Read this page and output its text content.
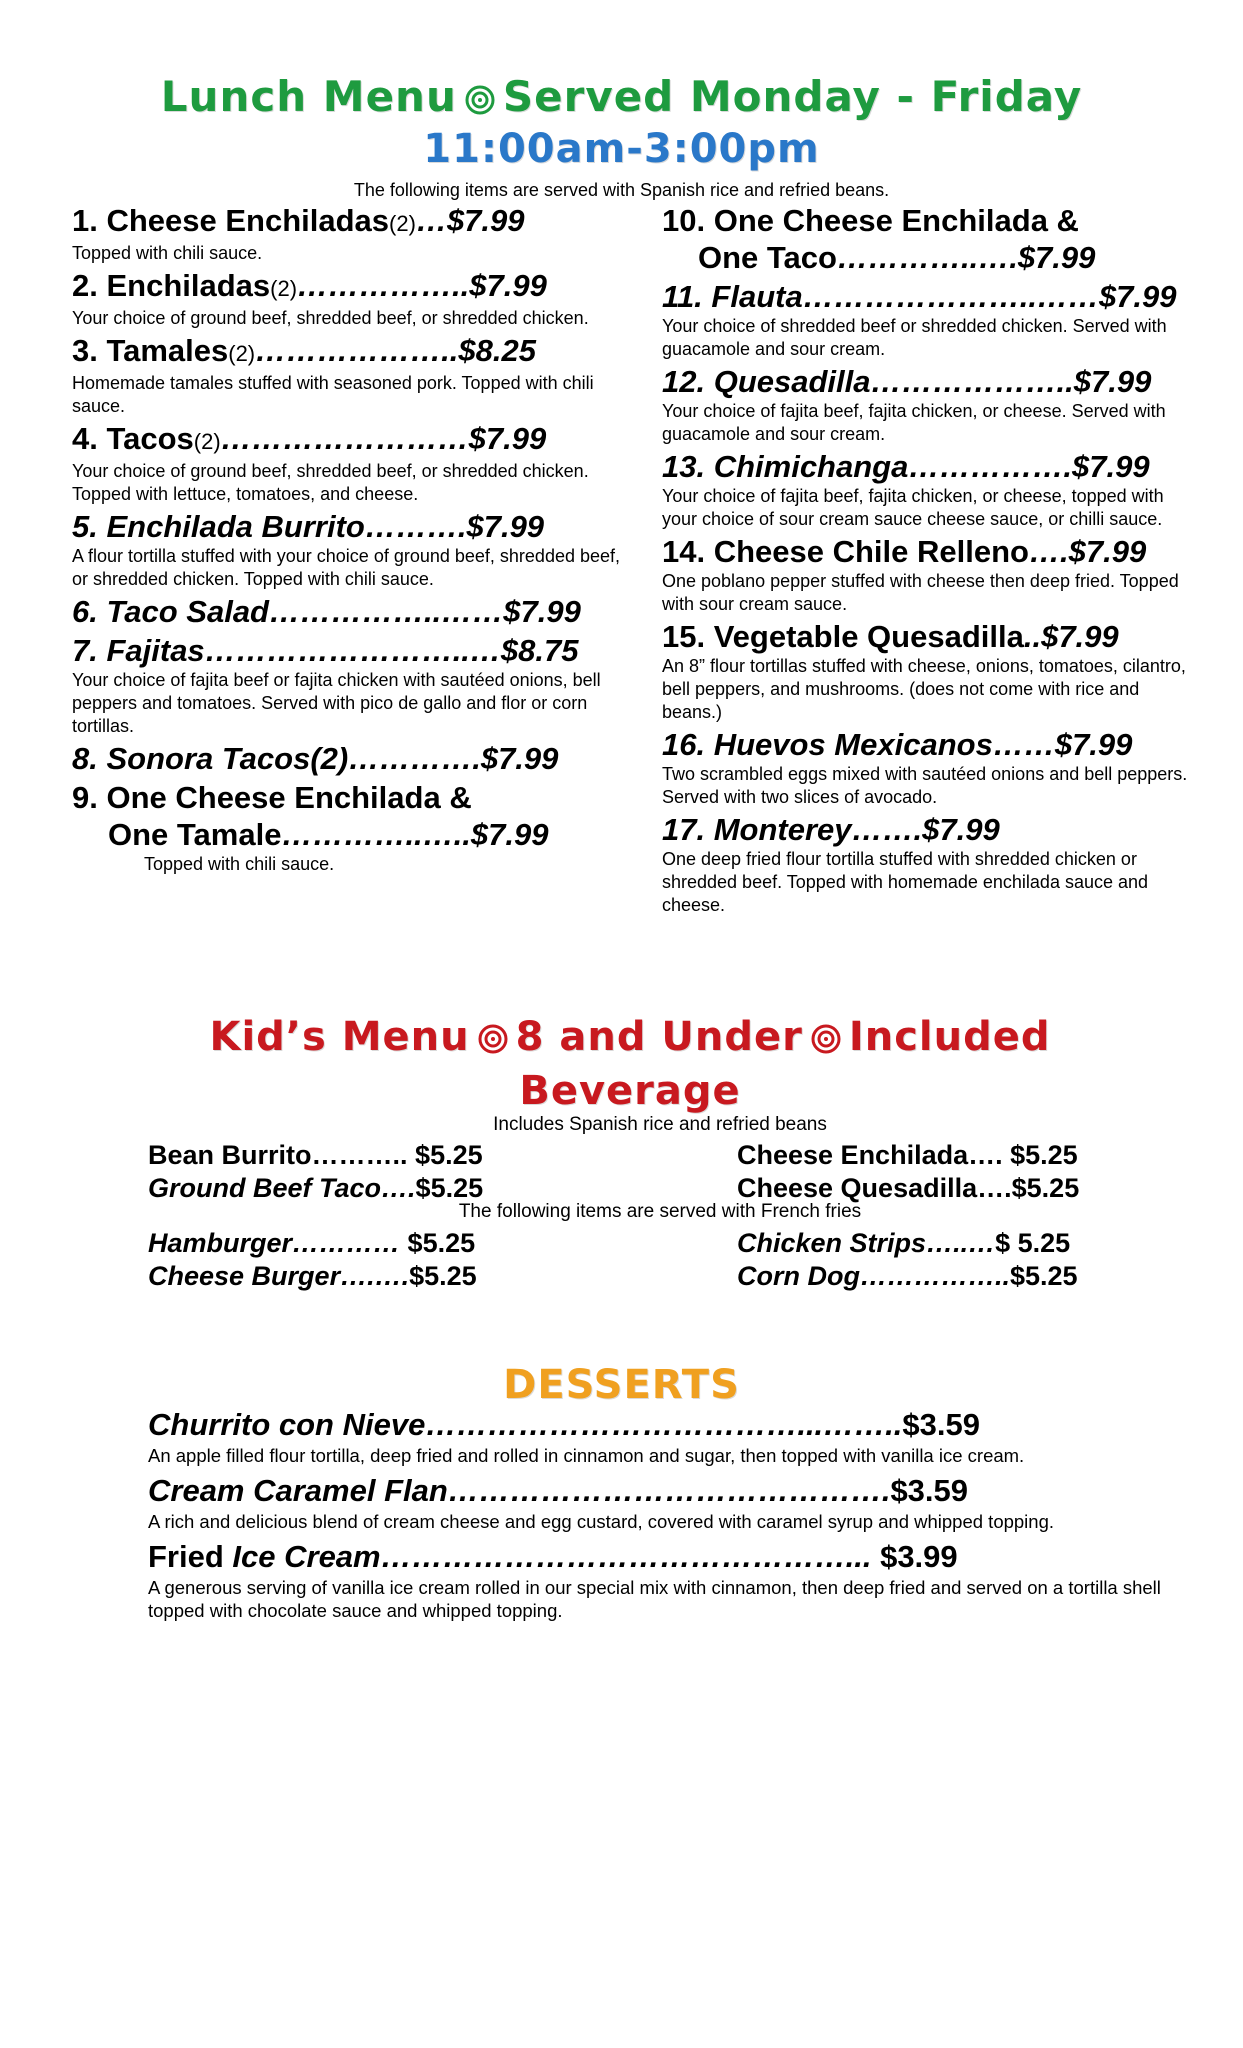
Lunch Menu Served Monday - Friday
11:00am-3:00pm
The following items are served with Spanish rice and refried beans.
1. Cheese Enchiladas(2)…$7.99
Topped with chili sauce.
2. Enchiladas(2)……………..$7.99
Your choice of ground beef, shredded beef, or shredded chicken.
3. Tamales(2)………………..$8.25
Homemade tamales stuffed with seasoned pork. Topped with chili sauce.
4. Tacos(2)……………………$7.99
Your choice of ground beef, shredded beef, or shredded chicken. Topped with lettuce, tomatoes, and cheese.
5. Enchilada Burrito……….$7.99
A flour tortilla stuffed with your choice of ground beef, shredded beef, or shredded chicken. Topped with chili sauce.
6. Taco Salad……………..……$7.99
7. Fajitas……………………..…$8.75
Your choice of fajita beef or fajita chicken with sautéed onions, bell peppers and tomatoes. Served with pico de gallo and flor or corn tortillas.
8. Sonora Tacos(2)………….$7.99
9. One Cheese Enchilada &
One Tamale…………..…..$7.99
Topped with chili sauce.
10. One Cheese Enchilada &
One Taco…………..….$7.99
11. Flauta…………………..……$7.99
Your choice of shredded beef or shredded chicken. Served with guacamole and sour cream.
12. Quesadilla………………..$7.99
Your choice of fajita beef, fajita chicken, or cheese. Served with guacamole and sour cream.
13. Chimichanga…………….$7.99
Your choice of fajita beef, fajita chicken, or cheese, topped with your choice of sour cream sauce cheese sauce, or chilli sauce.
14. Cheese Chile Relleno….$7.99
One poblano pepper stuffed with cheese then deep fried. Topped with sour cream sauce.
15. Vegetable Quesadilla..$7.99
An 8” flour tortillas stuffed with cheese, onions, tomatoes, cilantro, bell peppers, and mushrooms. (does not come with rice and beans.)
16. Huevos Mexicanos……$7.99
Two scrambled eggs mixed with sautéed onions and bell peppers. Served with two slices of avocado.
17. Monterey…….$7.99
One deep fried flour tortilla stuffed with shredded chicken or shredded beef. Topped with homemade enchilada sauce and cheese.
Kid’s Menu 8 and Under Included Beverage
Includes Spanish rice and refried beans
The following items are served with French fries
Bean Burrito……….. $5.25	Cheese Enchilada…. $5.25
Ground Beef Taco….$5.25	Cheese Quesadilla….$5.25
Hamburger………… $5.25	Chicken Strips…..…$ 5.25
Cheese Burger….….$5.25	Corn Dog……………..$5.25
DESSERTS
Churrito con Nieve………………………………...……..$3.59
An apple filled flour tortilla, deep fried and rolled in cinnamon and sugar, then topped with vanilla ice cream.
Cream Caramel Flan…………………………………….$3.59
A rich and delicious blend of cream cheese and egg custard, covered with caramel syrup and whipped topping.
Fried Ice Cream………………………………………... $3.99
A generous serving of vanilla ice cream rolled in our special mix with cinnamon, then deep fried and served on a tortilla shell topped with chocolate sauce and whipped topping.
